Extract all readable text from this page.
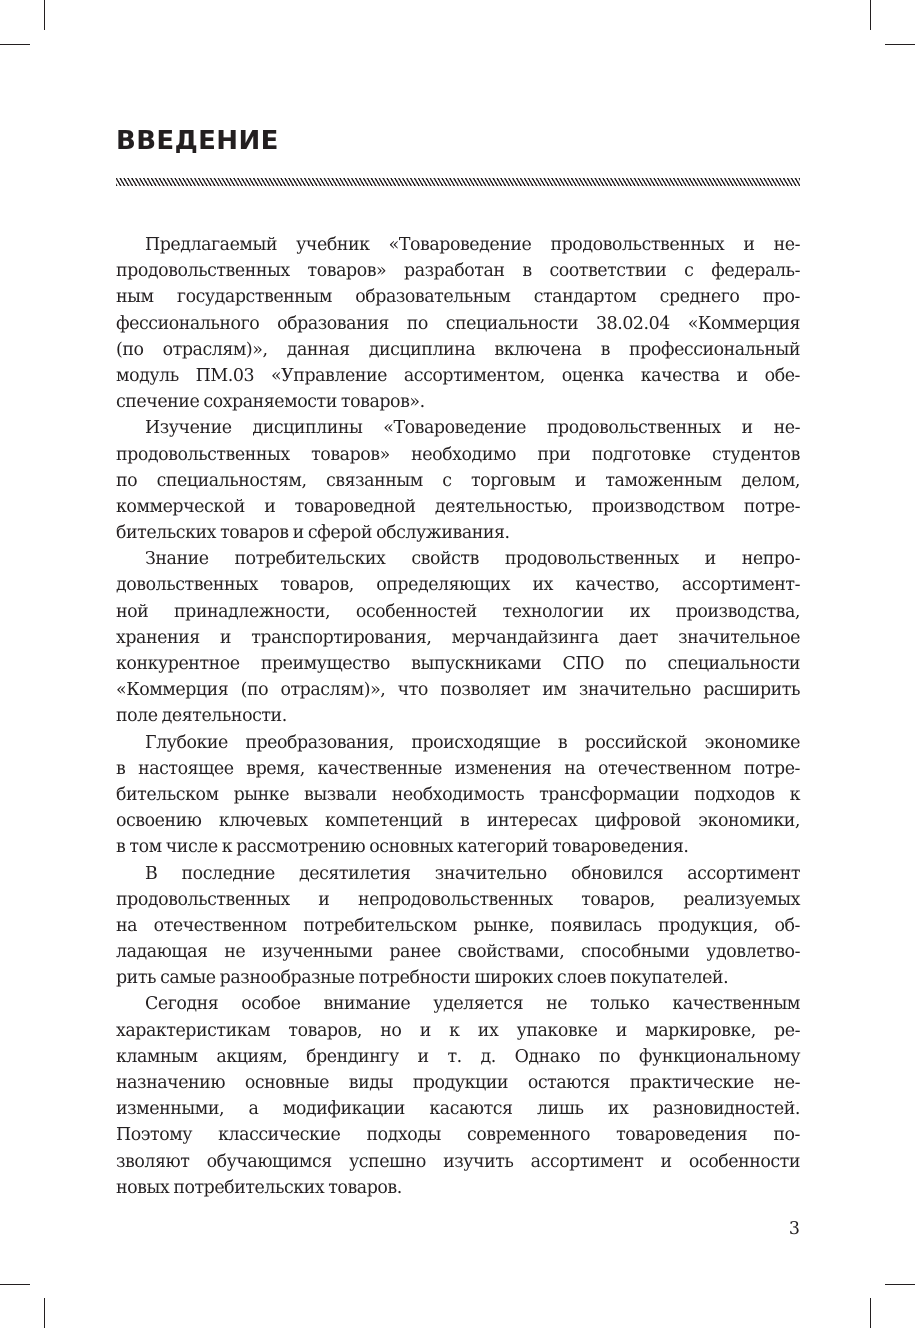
ВВЕДЕНИЕ
Предлагаемый учебник «Товароведение продовольственных и не-
продовольственных товаров» разработан в соответствии с федераль-
ным государственным образовательным стандартом среднего про-
фессионального образования по специальности 38.02.04 «Коммерция
(по отраслям)», данная дисциплина включена в профессиональный
модуль ПМ.03 «Управление ассортиментом, оценка качества и обе-
спечение сохраняемости товаров».
Изучение дисциплины «Товароведение продовольственных и не-
продовольственных товаров» необходимо при подготовке студентов
по специальностям, связанным с торговым и таможенным делом,
коммерческой и товароведной деятельностью, производством потре-
бительских товаров и сферой обслуживания.
Знание потребительских свойств продовольственных и непро-
довольственных товаров, определяющих их качество, ассортимент-
ной принадлежности, особенностей технологии их производства,
хранения и транспортирования, мерчандайзинга дает значительное
конкурентное преимущество выпускниками СПО по специальности
«Коммерция (по отраслям)», что позволяет им значительно расширить
поле деятельности.
Глубокие преобразования, происходящие в российской экономике
в настоящее время, качественные изменения на отечественном потре-
бительском рынке вызвали необходимость трансформации подходов к
освоению ключевых компетенций в интересах цифровой экономики,
в том числе к рассмотрению основных категорий товароведения.
В последние десятилетия значительно обновился ассортимент
продовольственных и непродовольственных товаров, реализуемых
на отечественном потребительском рынке, появилась продукция, об-
ладающая не изученными ранее свойствами, способными удовлетво-
рить самые разнообразные потребности широких слоев покупателей.
Сегодня особое внимание уделяется не только качественным
характеристикам товаров, но и к их упаковке и маркировке, ре-
кламным акциям, брендингу и т. д. Однако по функциональному
назначению основные виды продукции остаются практические не-
изменными, а модификации касаются лишь их разновидностей.
Поэтому классические подходы современного товароведения по-
зволяют обучающимся успешно изучить ассортимент и особенности
новых потребительских товаров.
3
